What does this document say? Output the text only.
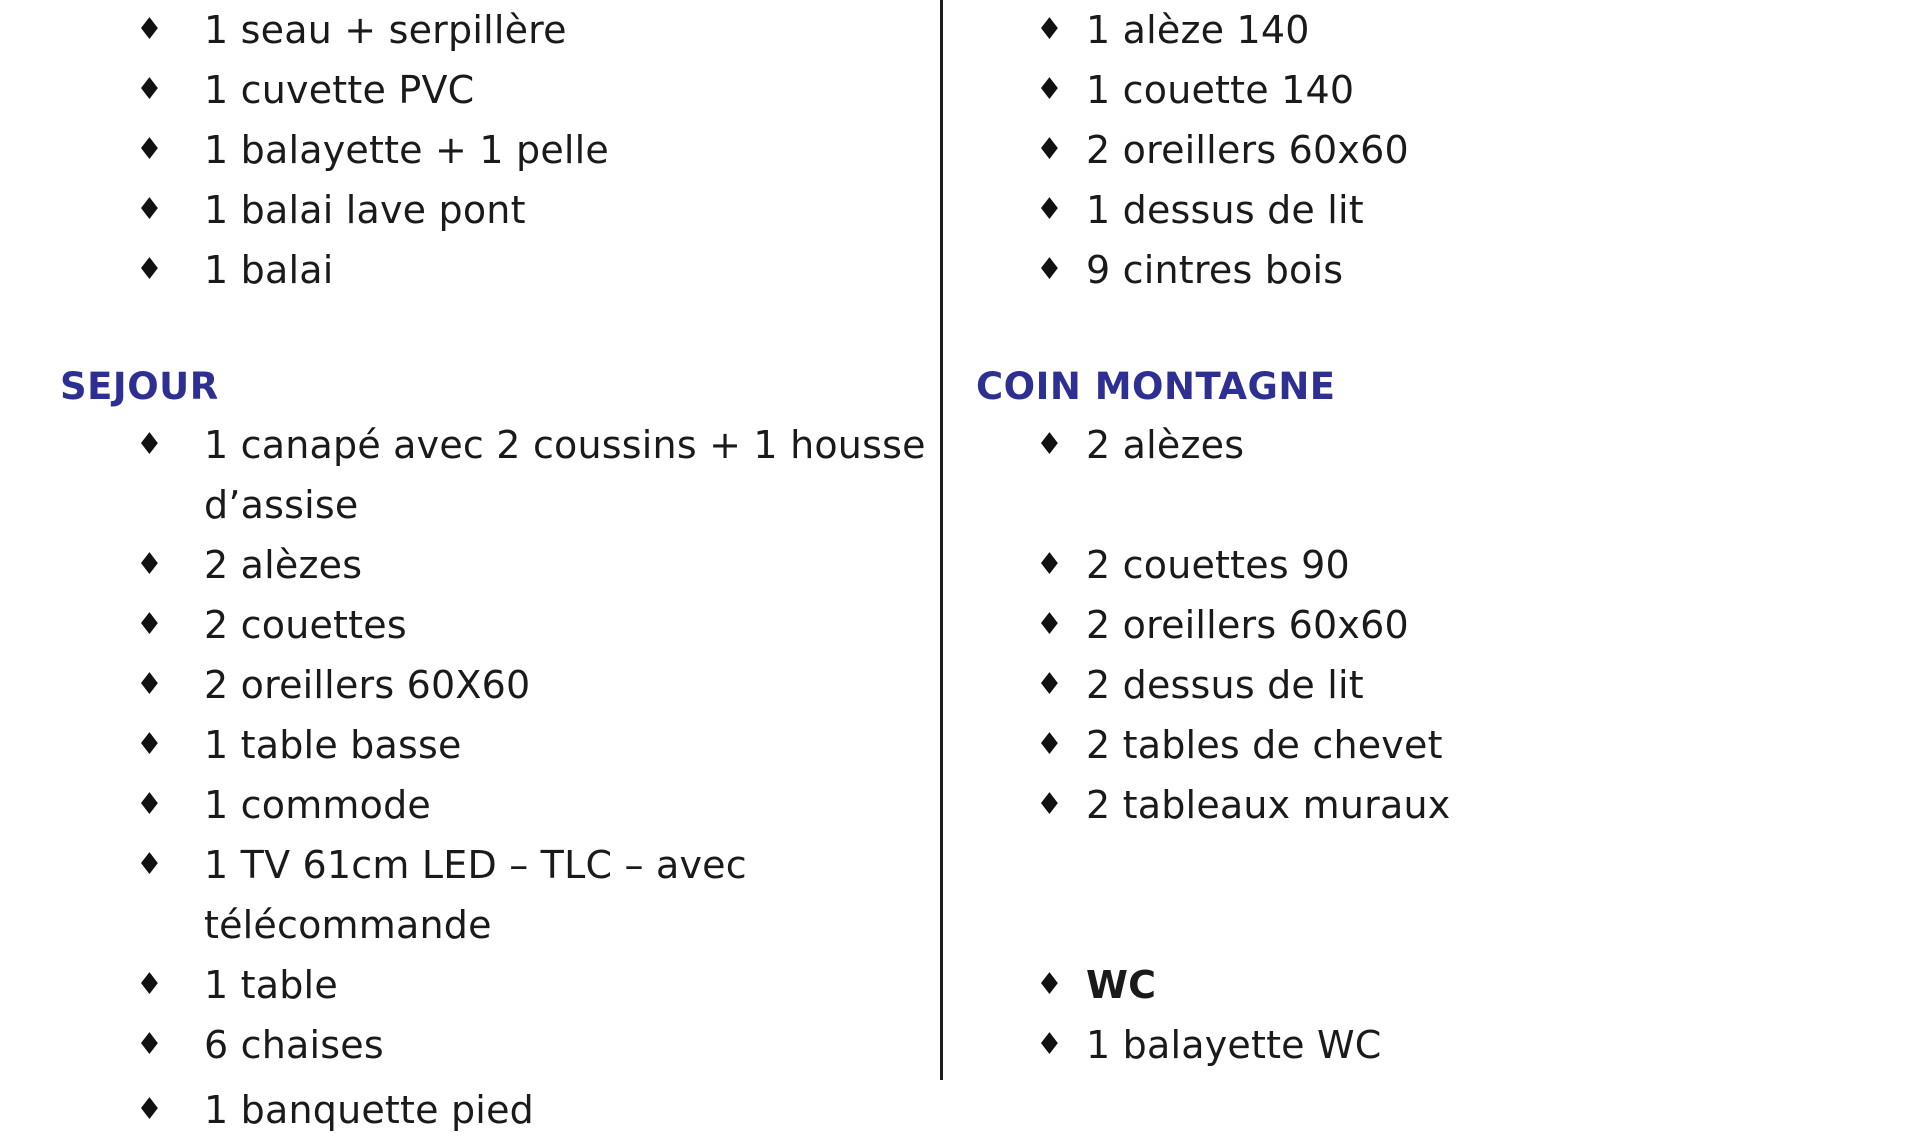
♦ 1 seau + serpillère
♦ 1 cuvette PVC
♦ 1 balayette + 1 pelle
♦ 1 balai lave pont
♦ 1 balai
SEJOUR
♦ 1 canapé avec 2 coussins + 1 housse
d’assise
♦ 2 alèzes
♦ 2 couettes
♦ 2 oreillers 60X60
♦ 1 table basse
♦ 1 commode
♦ 1 TV 61cm LED – TLC – avec
télécommande
♦ 1 table
♦ 6 chaises
♦ 1 banquette pied
♦ 1 alèze 140
♦ 1 couette 140
♦ 2 oreillers 60x60
♦ 1 dessus de lit
♦ 9 cintres bois
COIN MONTAGNE
♦ 2 alèzes
♦ 2 couettes 90
♦ 2 oreillers 60x60
♦ 2 dessus de lit
♦ 2 tables de chevet
♦ 2 tableaux muraux
♦ WC
♦ 1 balayette WC
